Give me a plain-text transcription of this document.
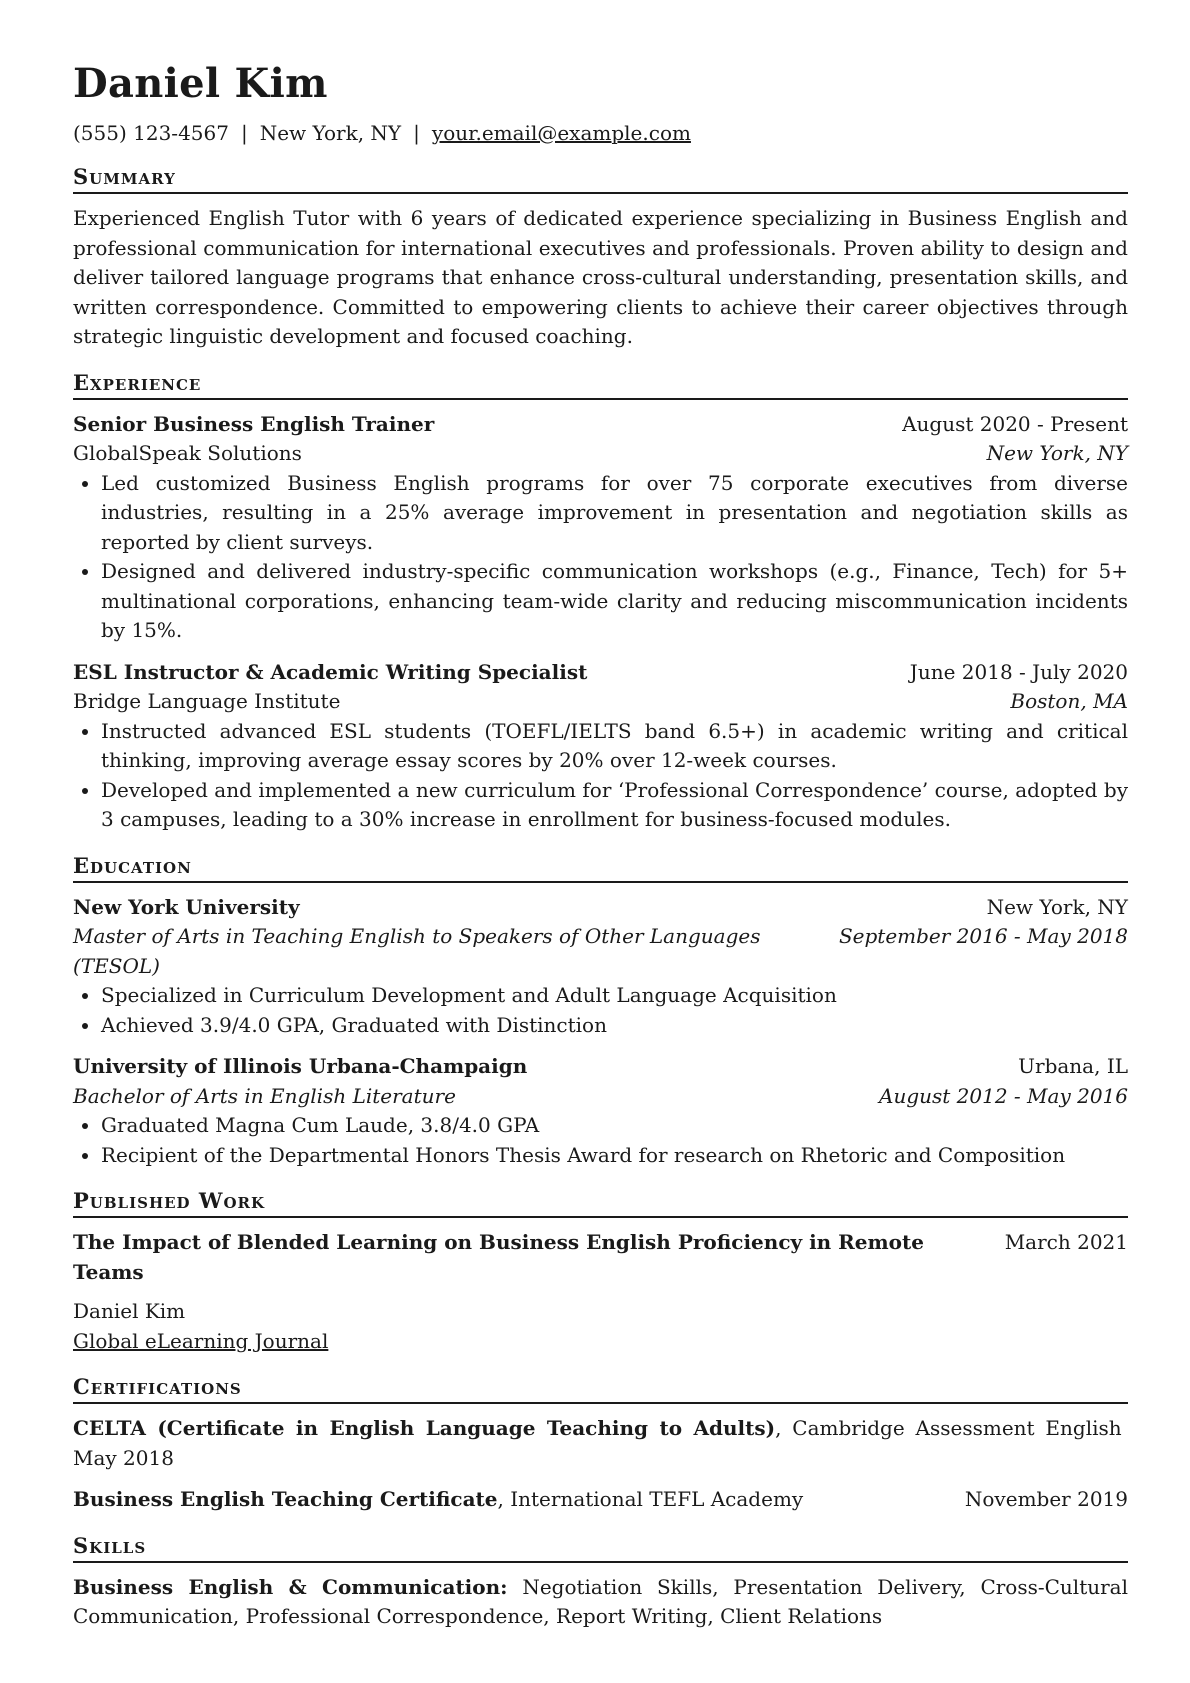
Daniel Kim
(555) 123-4567 | New York, NY | your.email@example.com
Summary

Experienced English Tutor with 6 years of dedicated experience specializing in Business English and professional communication for international executives and professionals. Proven ability to design and deliver tailored language programs that enhance cross-cultural understanding, presentation skills, and written correspondence. Committed to empowering clients to achieve their career objectives through strategic linguistic development and focused coaching.

Experience
Senior Business English Trainer	August 2020 - Present
GlobalSpeak Solutions	New York, NY
• Led customized Business English programs for over 75 corporate executives from diverse industries, resulting in a 25% average improvement in presentation and negotiation skills as reported by client surveys.
• Designed and delivered industry-specific communication workshops (e.g., Finance, Tech) for 5+ multinational corporations, enhancing team-wide clarity and reducing miscommunication incidents by 15%.
ESL Instructor & Academic Writing Specialist	June 2018 - July 2020
Bridge Language Institute	Boston, MA
• Instructed advanced ESL students (TOEFL/IELTS band 6.5+) in academic writing and critical thinking, improving average essay scores by 20% over 12-week courses.
• Developed and implemented a new curriculum for ‘Professional Correspondence’ course, adopted by 3 campuses, leading to a 30% increase in enrollment for business-focused modules.
Education
New York University	New York, NY
Master of Arts in Teaching English to Speakers of Other Languages (TESOL)
September 2016 - May 2018
• Specialized in Curriculum Development and Adult Language Acquisition
• Achieved 3.9/4.0 GPA, Graduated with Distinction
University of Illinois Urbana-Champaign	Urbana, IL
Bachelor of Arts in English Literature	August 2012 - May 2016
• Graduated Magna Cum Laude, 3.8/4.0 GPA
• Recipient of the Departmental Honors Thesis Award for research on Rhetoric and Composition
Published Work
The Impact of Blended Learning on Business English Proficiency in Remote Teams
March 2021
Daniel Kim
Global eLearning Journal
Certifications
CELTA (Certificate in English Language Teaching to Adults), Cambridge Assessment English  May 2018
Business English Teaching Certificate, International TEFL Academy	November 2019
Skills
Business English & Communication: Negotiation Skills, Presentation Delivery, Cross-Cultural Communication, Professional Correspondence, Report Writing, Client Relations
